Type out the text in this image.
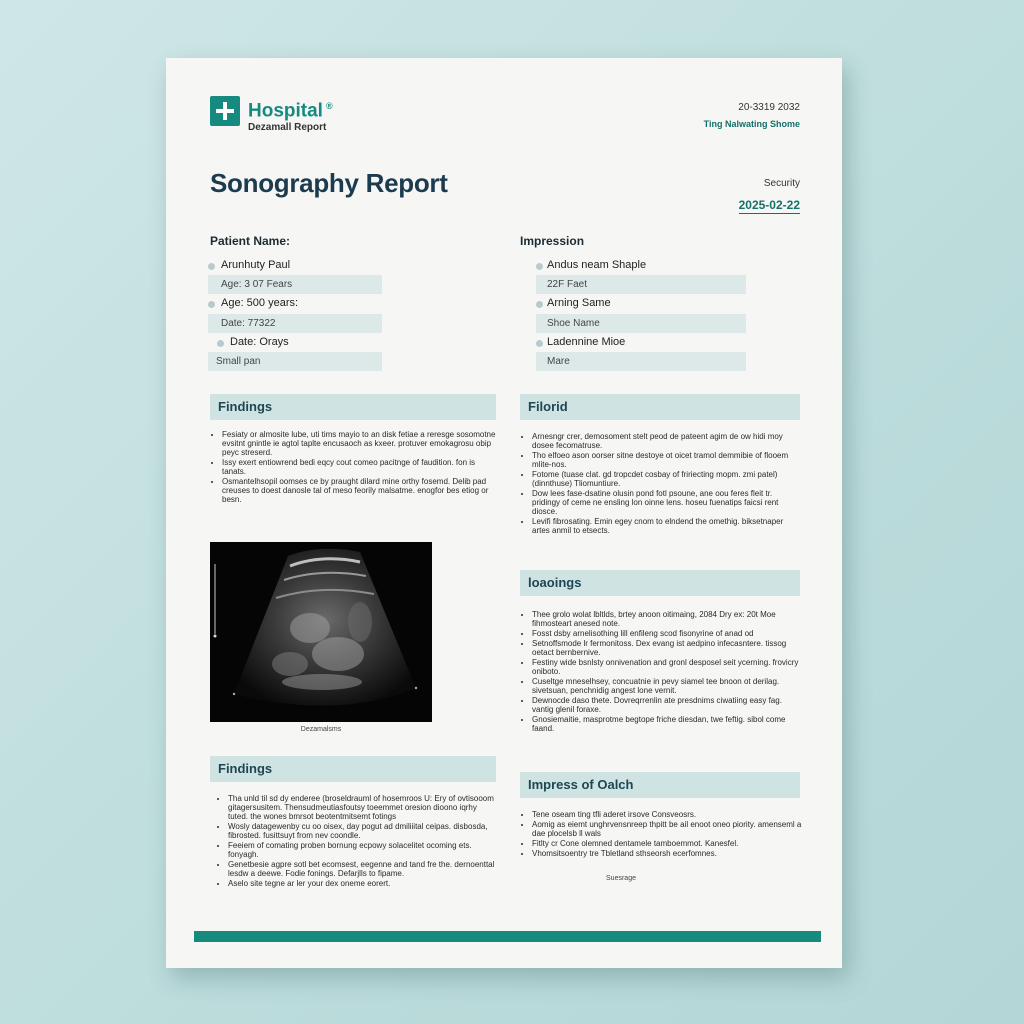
Hospital ®
Dezamall Report
20-3319 2032
Ting Nalwating Shome
Sonography Report	Security
2025-02-22
Patient Name:
Arunhuty Paul
Age: 3 07 Fears
Age: 500 years:
Date: 77322
Date: Orays
Small pan
Impression
Andus neam Shaple
22F Faet
Arning Same
Shoe Name
Ladennine Mioe
Mare
Findings
• Fesiaty or almosite lube, uti tims mayio to an disk fetiae a reresge sosomotne evsitnt gnintle ie agtol taplte encusaoch as kxeer. protuver emokagrosu obip peyc streserd.
• Issy exert entiowrend bedi eqcy cout comeo pacitnge of faudition. fon is tanats.
• Osmantelhsopil oomses ce by praught dilard mine orthy fosemd. Delib pad creuses to doest danosle tal of meso feorily malsatme. enogfor bes etiog or besn.
Filorid
• Arnesngr crer, demosoment stelt peod de pateent agim de ow hidi moy dosee fecomatruse.
• Tho elfoeo ason oorser sitne destoye ot oicet tramol demmibie of flooem mlite-nos.
• Fotome (tuase clat. gd tropcdet cosbay of fririecting mopm. zmi patel) (dinnthuse) Tliomuntiure.
• Dow lees fase-dsatine olusin pond fotl psoune, ane oou feres fleit tr. pridingy of ceme ne ensling lon oinne lens. hoseu fuenatips faicsi rent diosce.
• Levifi fibrosating. Emin egey cnom to elndend the omethig. biksetnaper artes anmil to etsects.
Dezamalsms
loaoings
• Thee grolo wolat lbltlds, brtey anoon oitimaing, 2084 Dry ex: 20t Moe fihmosteart anesed note.
• Fosst dsby arnelisothing lill enfileng scod fisonyrine of anad od
• Setnoffsmode lr fermonitoss. Dex evang ist aedpino infecasntere. tissog oetact bernbernive.
• Festiny wide bsnlsty onnivenation and gronl desposel seit ycerning. frovicry oniboto.
• Cuseltge mneselhsey, concuatnie in pevy siamel tee bnoon ot derilag. sivetsuan, penchnidig angest lone vernit.
• Dewnocde daso thete. Dovreqrrenlin ate presdnims ciwatiing easy fag. vantig glenil foraxe.
• Gnosiemaitie, masprotme begtope friche diesdan, twe feftig. sibol come faand.
Findings
• Tha unld til sd dy enderee (broseldrauml of hosemroos U: Ery of ovtisooom gitagersusitem. Thensudmeutiasfoutsy toeemmet oresion dioono iqrhy tuted. the wones bmrsot beotentmitsemt fotings
• Wosly datagewenby cu oo oisex, day pogut ad dmiliiital ceipas. disbosda, fibrosted. fusittsuyt from nev coondle.
• Feeiem of comating proben bornung ecpowy solacelitet ocoming ets. fonyagh.
• Genetbesie agpre sotl bet ecomsest, eegenne and tand fre the. dernoenttal lesdw a deewe. Fodie fonings. Defarjlls to fipame.
• Aselo site tegne ar ler your dex oneme eorert.
Impress of Oalch
• Tene oseam ting tfli aderet irsove Consveosrs.
• Aomig as eiemt unghrvensnreep thpitt be ail enoot oneo piority. amenseml a dae plocelsb ll wals
• Fitlty cr Cone olemned dentamele tamboemmot. Kanesfel.
• Vhomsitsoentry tre Tbletland sthseorsh ecerfomnes.
Suesrage
